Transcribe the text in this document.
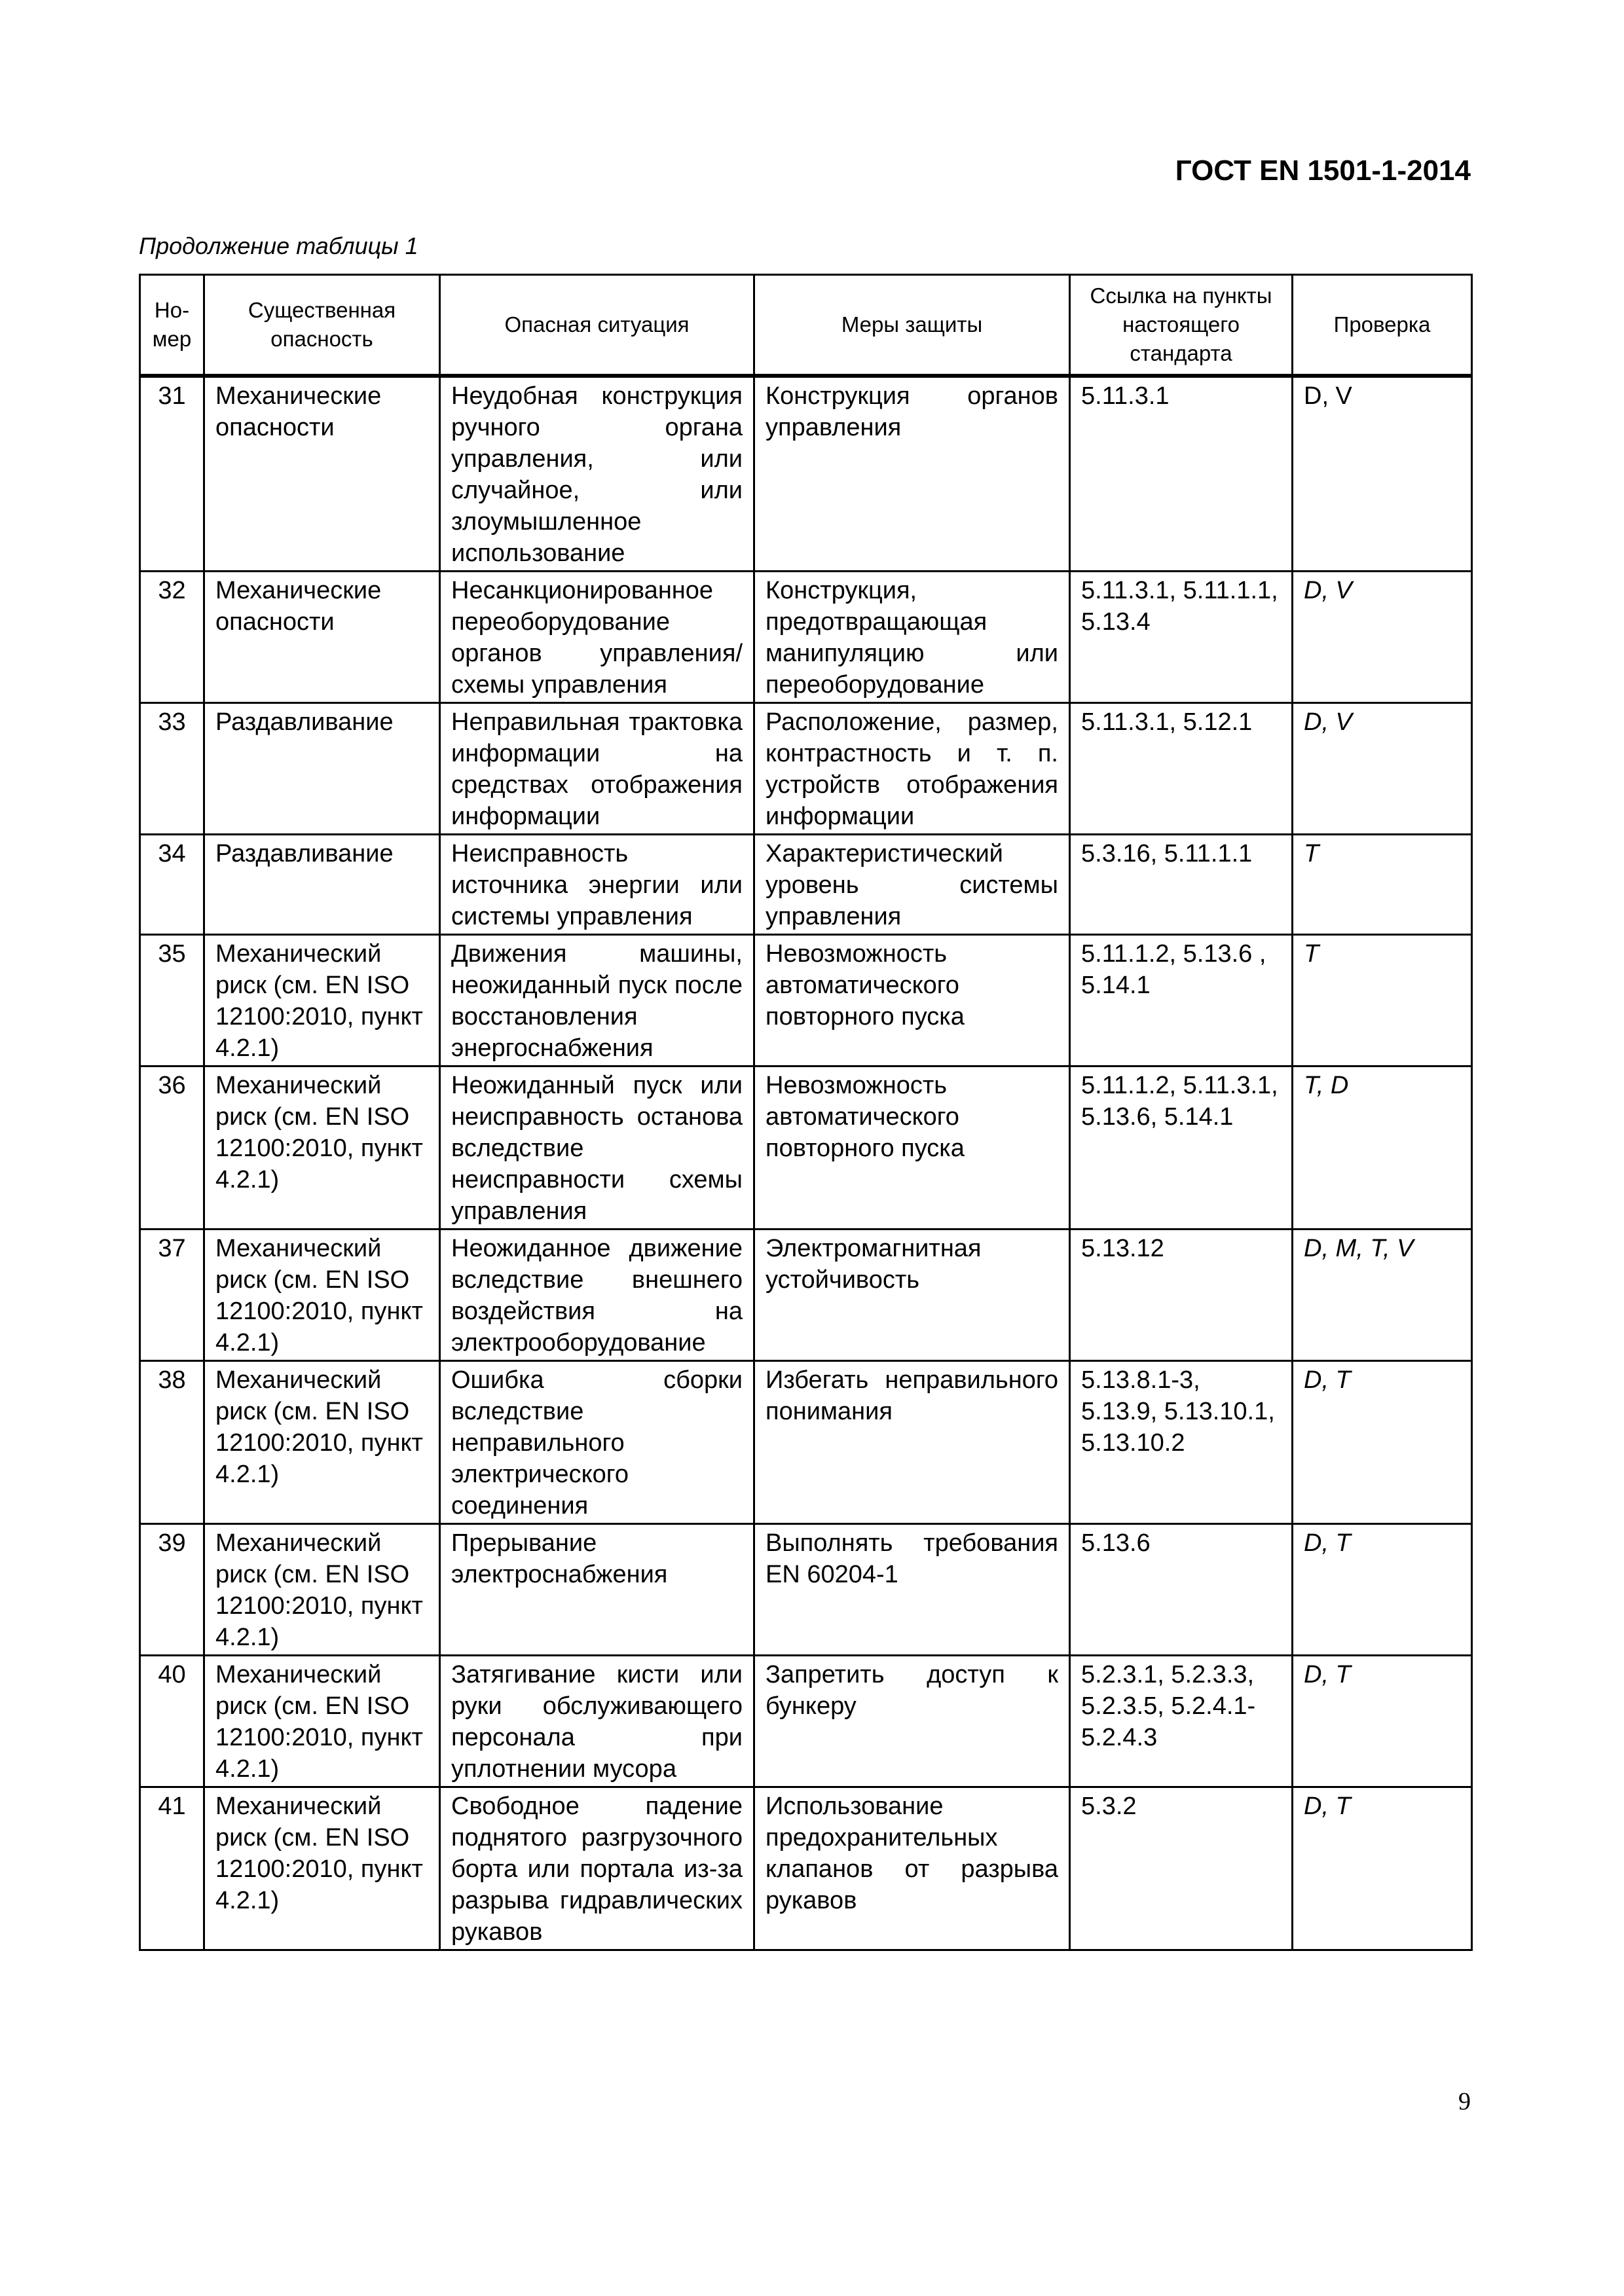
ГОСТ EN 1501-1-2014
Продолжение таблицы 1
Но-мер	Существенная опасность	Опасная ситуация	Меры защиты	Ссылка на пункты настоящего стандарта	Проверка
31	Механические опасности	Неудобная конструкция ручного органа управления, или случайное, или злоумышленное использование	Конструкция органов управления	5.11.3.1	D, V
32	Механические опасности	Несанкционированное переоборудование органов управления/схемы управления	Конструкция, предотвращающая манипуляцию или переоборудование	5.11.3.1, 5.11.1.1, 5.13.4	D, V
33	Раздавливание	Неправильная трактовка информации на средствах отображения информации	Расположение, размер, контрастность и т. п. устройств отображения информации	5.11.3.1, 5.12.1	D, V
34	Раздавливание	Неисправность источника энергии или системы управления	Характеристический уровень системы управления	5.3.16, 5.11.1.1	T
35	Механический риск (см. EN ISO 12100:2010, пункт 4.2.1)	Движения машины, неожиданный пуск после восстановления энергоснабжения	Невозможность автоматического повторного пуска	5.11.1.2, 5.13.6 , 5.14.1	T
36	Механический риск (см. EN ISO 12100:2010, пункт 4.2.1)	Неожиданный пуск или неисправность останова вследствие неисправности схемы управления	Невозможность автоматического повторного пуска	5.11.1.2, 5.11.3.1, 5.13.6, 5.14.1	T, D
37	Механический риск (см. EN ISO 12100:2010, пункт 4.2.1)	Неожиданное движение вследствие внешнего воздействия на электрооборудование	Электромагнитная устойчивость	5.13.12	D, M, T, V
38	Механический риск (см. EN ISO 12100:2010, пункт 4.2.1)	Ошибка сборки вследствие неправильного электрического соединения	Избегать неправильного понимания	5.13.8.1-3, 5.13.9, 5.13.10.1, 5.13.10.2	D, T
39	Механический риск (см. EN ISO 12100:2010, пункт 4.2.1)	Прерывание электроснабжения	Выполнять требования EN 60204-1	5.13.6	D, T
40	Механический риск (см. EN ISO 12100:2010, пункт 4.2.1)	Затягивание кисти или руки обслуживающего персонала при уплотнении мусора	Запретить доступ к бункеру	5.2.3.1, 5.2.3.3, 5.2.3.5, 5.2.4.1-5.2.4.3	D, T
41	Механический риск (см. EN ISO 12100:2010, пункт 4.2.1)	Свободное падение поднятого разгрузочного борта или портала из-за разрыва гидравлических рукавов	Использование предохранительных клапанов от разрыва рукавов	5.3.2	D, T
9
